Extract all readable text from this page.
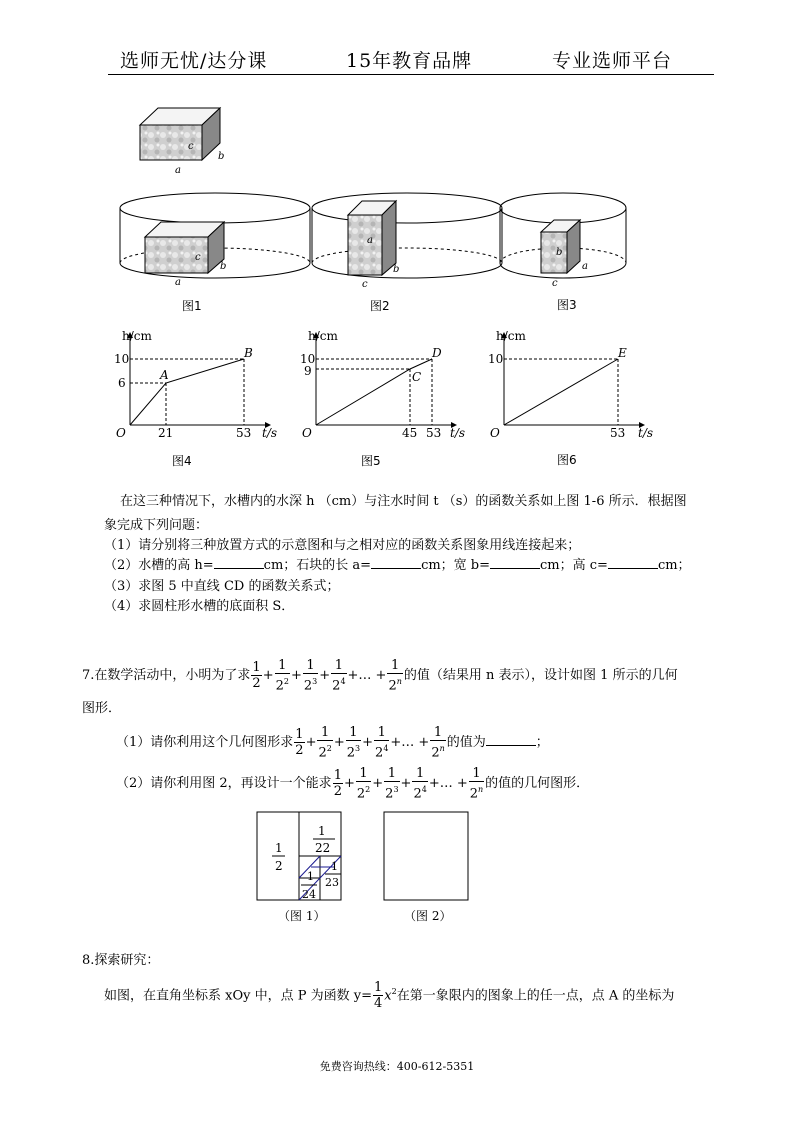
选师无忧/达分课	15年教育品牌	专业选师平台
c
b
a
c
b
a
a
b
c
b
a
c
图1	图2	图3
h/cm
t/s
O
10
6
21	53
A
B
h/cm
t/s
O
10
9
45 53
C
D
h/cm
t/s
O
10
53
E
图4	图5	图6
在这三种情况下，水槽内的水深 h （cm）与注水时间 t （s）的函数关系如上图 1-6 所示．根据图
象完成下列问题：
（1）请分别将三种放置方式的示意图和与之相对应的函数关系图象用线连接起来；
（2）水槽的高 h=	cm；石块的长 a=	cm；宽 b=	cm；高 c=	cm；
（3）求图 5 中直线 CD 的函数关系式；
（4）求圆柱形水槽的底面积 S．
7.在数学活动中，小明为了求 $\frac{1}{2} + \frac{1}{2^2} + \frac{1}{2^3} + \frac{1}{2^4}$ +… + $\frac{1}{2^n}$ 的值（结果用 n 表示），设计如图 1 所示的几何
图形．
（1）请你利用这个几何图形求 $\frac{1}{2} + \frac{1}{2^2} + \frac{1}{2^3} + \frac{1}{2^4}$ +… + $\frac{1}{2^n}$ 的值为	；
（2）请你利用图 2，再设计一个能求 $\frac{1}{2} + \frac{1}{2^2} + \frac{1}{2^3} + \frac{1}{2^4}$ +… + $\frac{1}{2^n}$ 的值的几何图形．
1
2
1
22
1
23
1
24
（图 1）	（图 2）
8.探索研究：
如图，在直角坐标系 xOy 中，点 P 为函数 $y= \frac{1}{4} x^2$在第一象限内的图象上的任一点，点 A 的坐标为
免费咨询热线：400-612-5351
